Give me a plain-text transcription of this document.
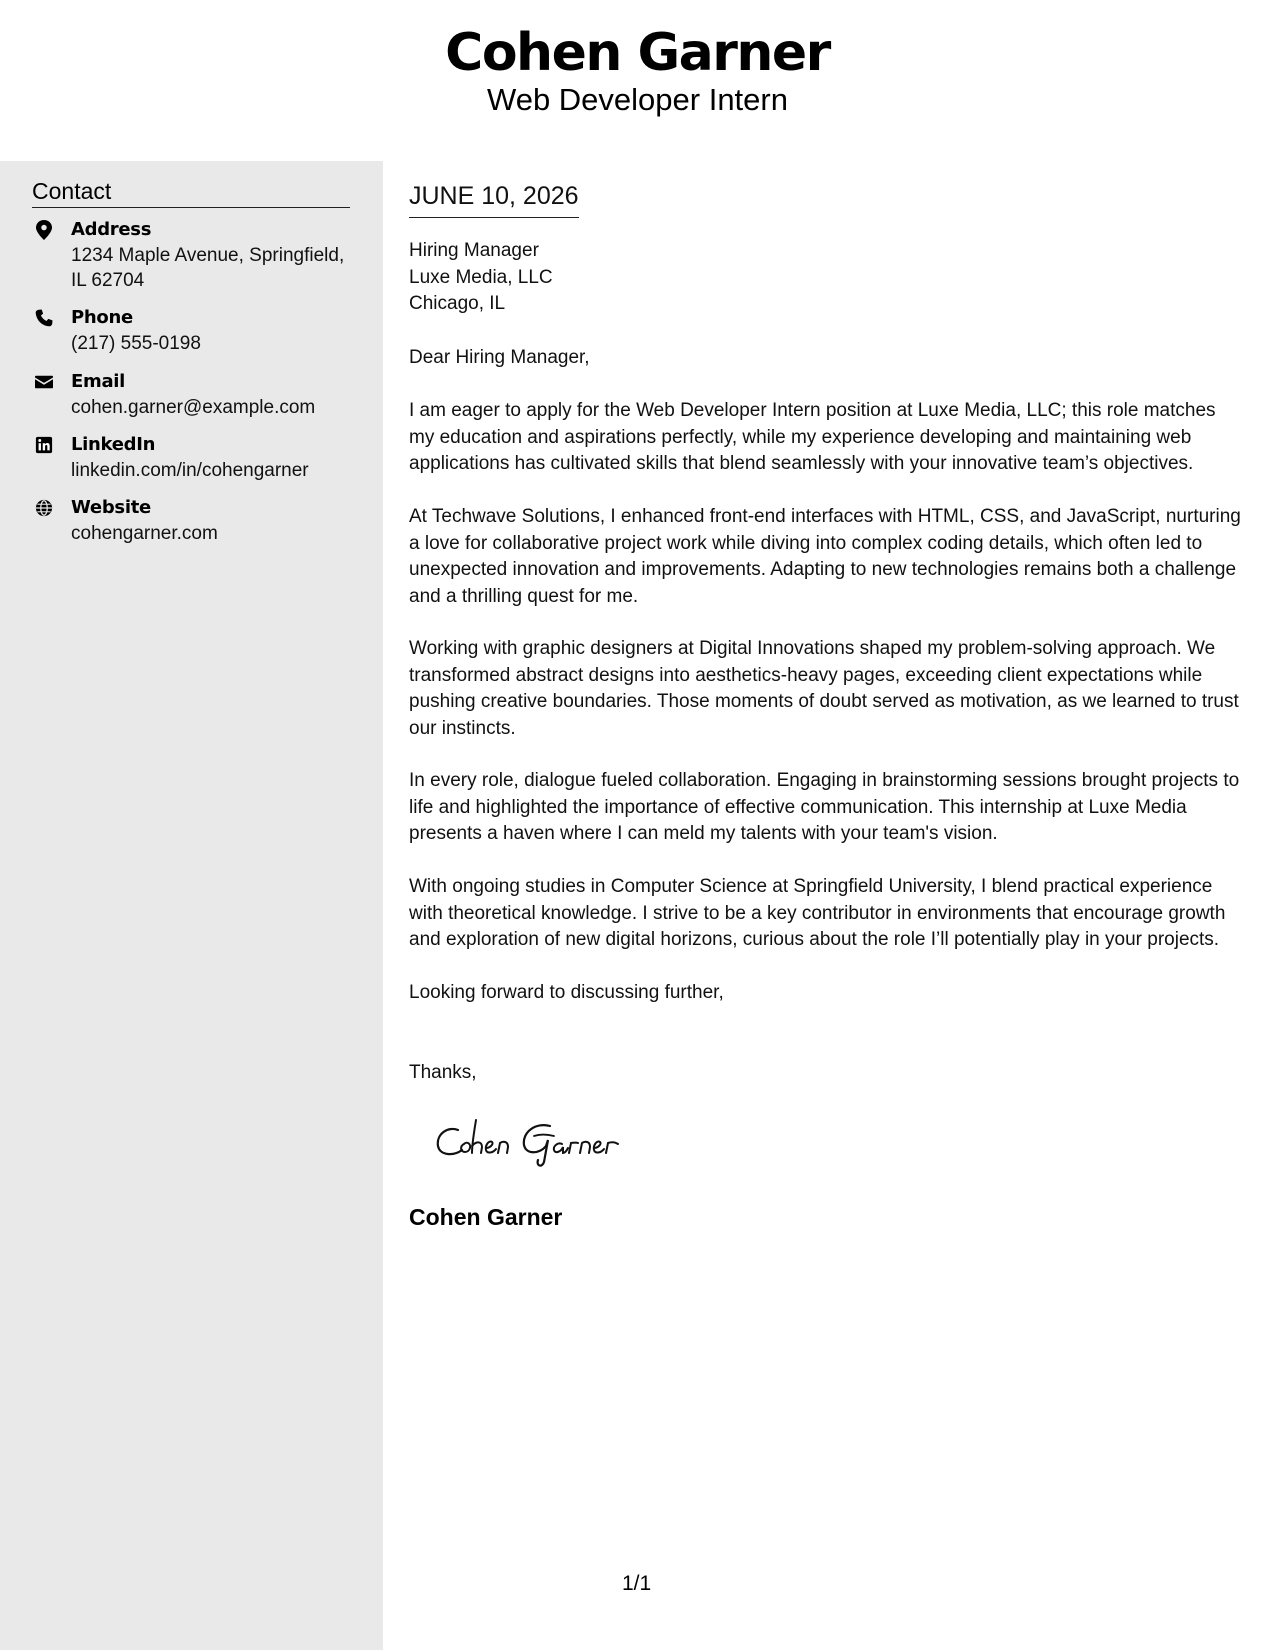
Cohen Garner
Web Developer Intern
Contact
Address
1234 Maple Avenue, Springfield, IL 62704
Phone
(217) 555-0198
Email
cohen.garner@example.com
LinkedIn
linkedin.com/in/cohengarner
Website
cohengarner.com
JUNE 10, 2026
Hiring Manager
Luxe Media, LLC
Chicago, IL

Dear Hiring Manager,

I am eager to apply for the Web Developer Intern position at Luxe Media, LLC; this role matches my education and aspirations perfectly, while my experience developing and maintaining web applications has cultivated skills that blend seamlessly with your innovative team’s objectives.

At Techwave Solutions, I enhanced front-end interfaces with HTML, CSS, and JavaScript, nurturing a love for collaborative project work while diving into complex coding details, which often led to unexpected innovation and improvements. Adapting to new technologies remains both a challenge and a thrilling quest for me.

Working with graphic designers at Digital Innovations shaped my problem-solving approach. We transformed abstract designs into aesthetics-heavy pages, exceeding client expectations while pushing creative boundaries. Those moments of doubt served as motivation, as we learned to trust our instincts.

In every role, dialogue fueled collaboration. Engaging in brainstorming sessions brought projects to life and highlighted the importance of effective communication. This internship at Luxe Media presents a haven where I can meld my talents with your team's vision.

With ongoing studies in Computer Science at Springfield University, I blend practical experience with theoretical knowledge. I strive to be a key contributor in environments that encourage growth and exploration of new digital horizons, curious about the role I’ll potentially play in your projects.

Looking forward to discussing further,

Thanks,

Cohen Garner
1/1
